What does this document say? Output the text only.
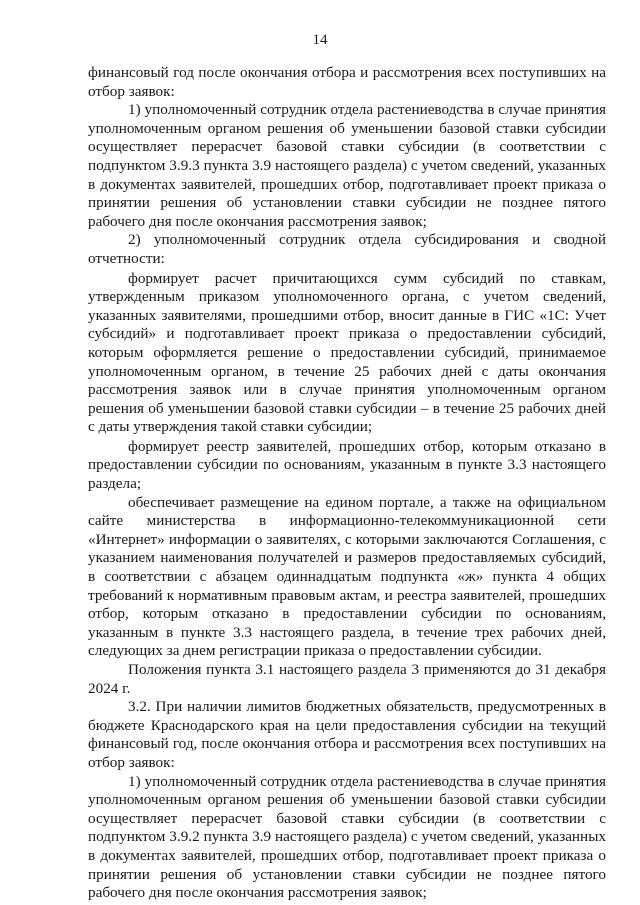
14

финансовый год после окончания отбора и рассмотрения всех поступивших на отбор заявок:

1) уполномоченный сотрудник отдела растениеводства в случае принятия уполномоченным органом решения об уменьшении базовой ставки субсидии осуществляет перерасчет базовой ставки субсидии (в соответствии с подпунктом 3.9.3 пункта 3.9 настоящего раздела) с учетом сведений, указанных в документах заявителей, прошедших отбор, подготавливает проект приказа о принятии решения об установлении ставки субсидии не позднее пятого рабочего дня после окончания рассмотрения заявок;

2) уполномоченный сотрудник отдела субсидирования и сводной отчетности:

формирует расчет причитающихся сумм субсидий по ставкам, утвержденным приказом уполномоченного органа, с учетом сведений, указанных заявителями, прошедшими отбор, вносит данные в ГИС «1С: Учет субсидий» и подготавливает проект приказа о предоставлении субсидий, которым оформляется решение о предоставлении субсидий, принимаемое уполномоченным органом, в течение 25 рабочих дней с даты окончания рассмотрения заявок или в случае принятия уполномоченным органом решения об уменьшении базовой ставки субсидии – в течение 25 рабочих дней с даты утверждения такой ставки субсидии;

формирует реестр заявителей, прошедших отбор, которым отказано в предоставлении субсидии по основаниям, указанным в пункте 3.3 настоящего раздела;

обеспечивает размещение на едином портале, а также на официальном сайте министерства в информационно-телекоммуникационной сети «Интернет» информации о заявителях, с которыми заключаются Соглашения, с указанием наименования получателей и размеров предоставляемых субсидий, в соответствии с абзацем одиннадцатым подпункта «ж» пункта 4 общих требований к нормативным правовым актам, и реестра заявителей, прошедших отбор, которым отказано в предоставлении субсидии по основаниям, указанным в пункте 3.3 настоящего раздела, в течение трех рабочих дней, следующих за днем регистрации приказа о предоставлении субсидии.

Положения пункта 3.1 настоящего раздела 3 применяются до 31 декабря 2024 г.

3.2. При наличии лимитов бюджетных обязательств, предусмотренных в бюджете Краснодарского края на цели предоставления субсидии на текущий финансовый год, после окончания отбора и рассмотрения всех поступивших на отбор заявок:

1) уполномоченный сотрудник отдела растениеводства в случае принятия уполномоченным органом решения об уменьшении базовой ставки субсидии осуществляет перерасчет базовой ставки субсидии (в соответствии с подпунктом 3.9.2 пункта 3.9 настоящего раздела) с учетом сведений, указанных в документах заявителей, прошедших отбор, подготавливает проект приказа о принятии решения об установлении ставки субсидии не позднее пятого рабочего дня после окончания рассмотрения заявок;
